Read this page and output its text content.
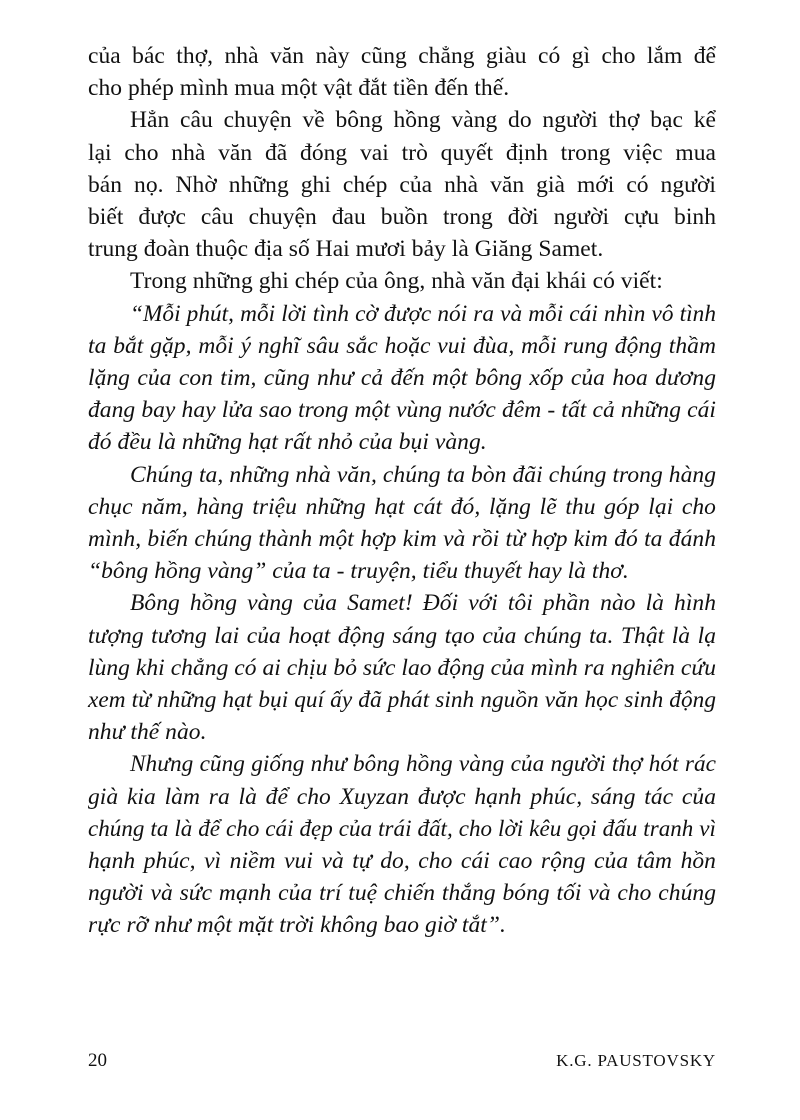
của bác thợ, nhà văn này cũng chẳng giàu có gì cho lắm để
cho phép mình mua một vật đắt tiền đến thế.
Hẳn câu chuyện về bông hồng vàng do người thợ bạc kể
lại cho nhà văn đã đóng vai trò quyết định trong việc mua
bán nọ. Nhờ những ghi chép của nhà văn già mới có người
biết được câu chuyện đau buồn trong đời người cựu binh
trung đoàn thuộc địa số Hai mươi bảy là Giăng Samet.
Trong những ghi chép của ông, nhà văn đại khái có viết:
“Mỗi phút, mỗi lời tình cờ được nói ra và mỗi cái nhìn vô tình
ta bắt gặp, mỗi ý nghĩ sâu sắc hoặc vui đùa, mỗi rung động thầm
lặng của con tim, cũng như cả đến một bông xốp của hoa dương
đang bay hay lửa sao trong một vùng nước đêm - tất cả những cái
đó đều là những hạt rất nhỏ của bụi vàng.
Chúng ta, những nhà văn, chúng ta bòn đãi chúng trong hàng
chục năm, hàng triệu những hạt cát đó, lặng lẽ thu góp lại cho
mình, biến chúng thành một hợp kim và rồi từ hợp kim đó ta đánh
“bông hồng vàng” của ta - truyện, tiểu thuyết hay là thơ.
Bông hồng vàng của Samet! Đối với tôi phần nào là hình
tượng tương lai của hoạt động sáng tạo của chúng ta. Thật là lạ
lùng khi chẳng có ai chịu bỏ sức lao động của mình ra nghiên cứu
xem từ những hạt bụi quí ấy đã phát sinh nguồn văn học sinh động
như thế nào.
Nhưng cũng giống như bông hồng vàng của người thợ hót rác
già kia làm ra là để cho Xuyzan được hạnh phúc, sáng tác của
chúng ta là để cho cái đẹp của trái đất, cho lời kêu gọi đấu tranh vì
hạnh phúc, vì niềm vui và tự do, cho cái cao rộng của tâm hồn
người và sức mạnh của trí tuệ chiến thắng bóng tối và cho chúng
rực rỡ như một mặt trời không bao giờ tắt”.
20	K.G. PAUSTOVSKY
